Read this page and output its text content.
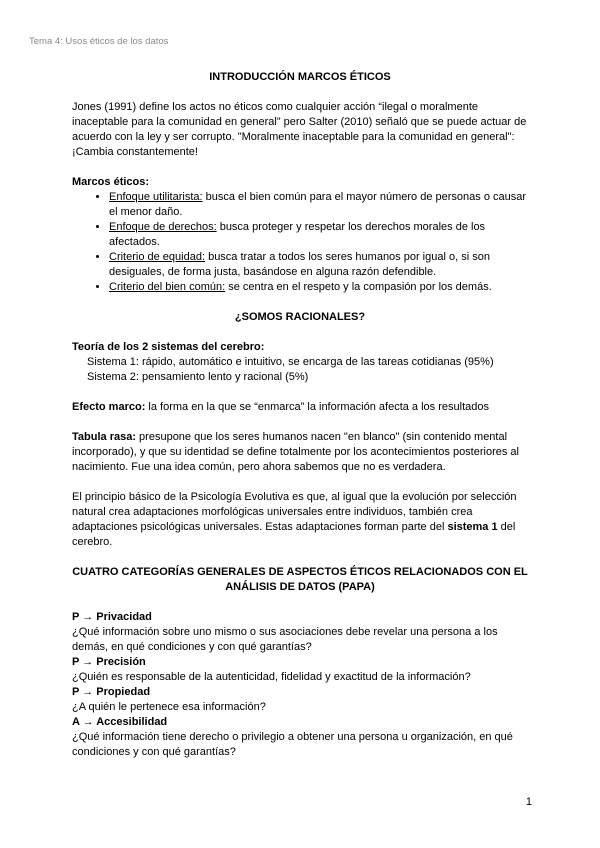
Tema 4: Usos éticos de los datos

INTRODUCCIÓN MARCOS ÉTICOS

Jones (1991) define los actos no éticos como cualquier acción “ilegal o moralmente inaceptable para la comunidad en general” pero Salter (2010) señaló que se puede actuar de acuerdo con la ley y ser corrupto. "Moralmente inaceptable para la comunidad en general": ¡Cambia constantemente!

Marcos éticos:

• Enfoque utilitarista: busca el bien común para el mayor número de personas o causar el menor daño.
• Enfoque de derechos: busca proteger y respetar los derechos morales de los afectados.
• Criterio de equidad: busca tratar a todos los seres humanos por igual o, si son desiguales, de forma justa, basándose en alguna razón defendible.
• Criterio del bien común: se centra en el respeto y la compasión por los demás.

¿SOMOS RACIONALES?

Teoría de los 2 sistemas del cerebro:

Sistema 1: rápido, automático e intuitivo, se encarga de las tareas cotidianas (95%)

Sistema 2: pensamiento lento y racional (5%)

Efecto marco: la forma en la que se “enmarca” la información afecta a los resultados

Tabula rasa: presupone que los seres humanos nacen "en blanco" (sin contenido mental incorporado), y que su identidad se define totalmente por los acontecimientos posteriores al nacimiento. Fue una idea común, pero ahora sabemos que no es verdadera.

El principio básico de la Psicología Evolutiva es que, al igual que la evolución por selección natural crea adaptaciones morfológicas universales entre individuos, también crea adaptaciones psicológicas universales. Estas adaptaciones forman parte del sistema 1 del cerebro.

CUATRO CATEGORÍAS GENERALES DE ASPECTOS ÉTICOS RELACIONADOS CON EL ANÁLISIS DE DATOS (PAPA)

P → Privacidad

¿Qué información sobre uno mismo o sus asociaciones debe revelar una persona a los demás, en qué condiciones y con qué garantías?

P → Precisión

¿Quién es responsable de la autenticidad, fidelidad y exactitud de la información?

P → Propiedad

¿A quién le pertenece esa información?

A → Accesibilidad

¿Qué información tiene derecho o privilegio a obtener una persona u organización, en qué condiciones y con qué garantías?

1
